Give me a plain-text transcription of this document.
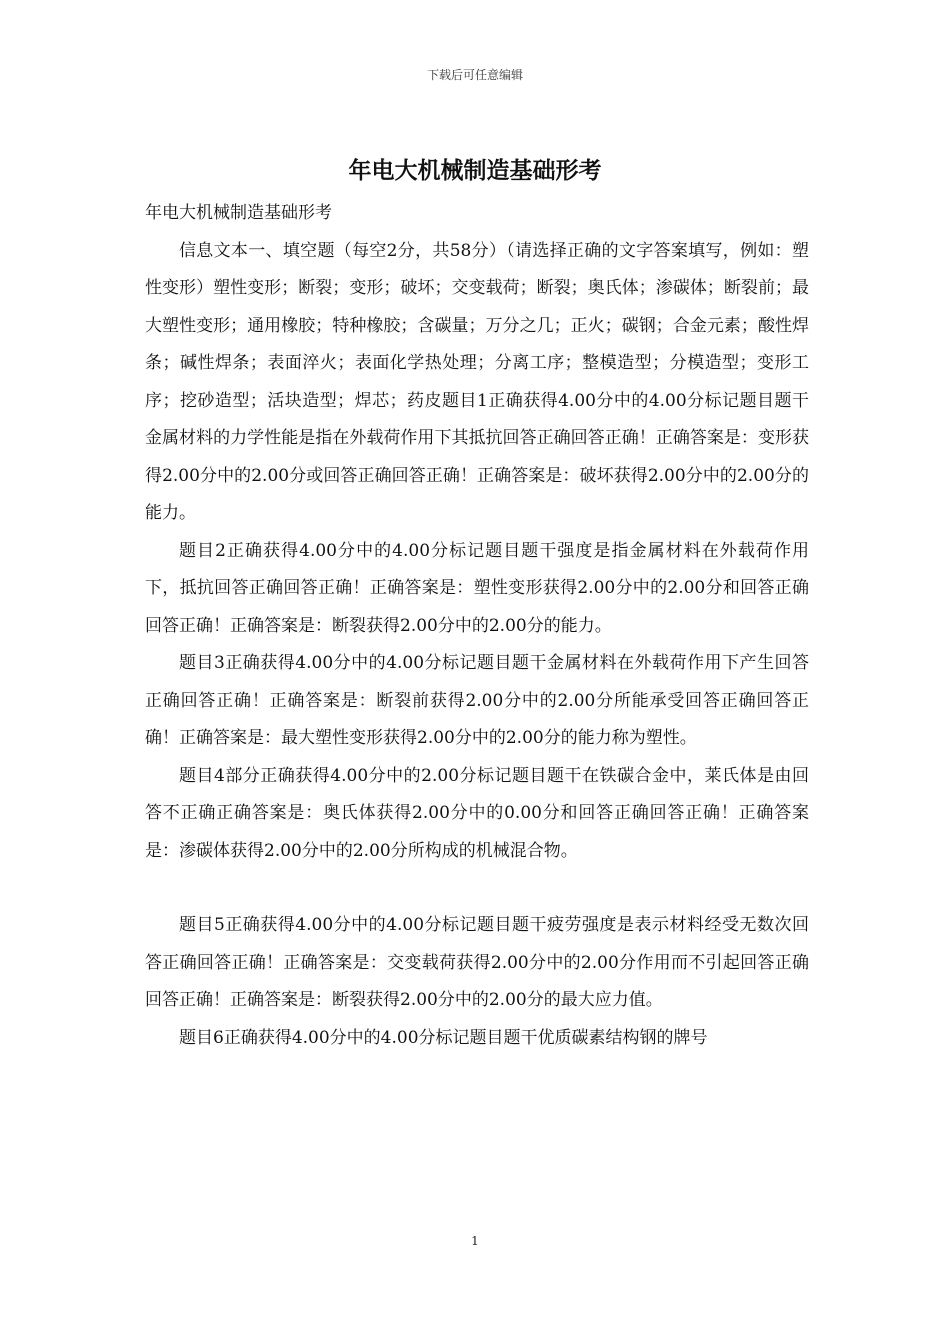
下载后可任意编辑
年电大机械制造基础形考

年电大机械制造基础形考

信息文本一、填空题（每空2分，共58分）（请选择正确的文字答案填写，例如：塑性变形）塑性变形；断裂；变形；破坏；交变载荷；断裂；奥氏体；渗碳体；断裂前；最大塑性变形；通用橡胶；特种橡胶；含碳量；万分之几；正火；碳钢；合金元素；酸性焊条；碱性焊条；表面淬火；表面化学热处理；分离工序；整模造型；分模造型；变形工序；挖砂造型；活块造型；焊芯；药皮题目1正确获得4.00分中的4.00分标记题目题干金属材料的力学性能是指在外载荷作用下其抵抗回答正确回答正确！正确答案是：变形获得2.00分中的2.00分或回答正确回答正确！正确答案是：破坏获得2.00分中的2.00分的能力。

题目2正确获得4.00分中的4.00分标记题目题干强度是指金属材料在外载荷作用下，抵抗回答正确回答正确！正确答案是：塑性变形获得2.00分中的2.00分和回答正确回答正确！正确答案是：断裂获得2.00分中的2.00分的能力。

题目3正确获得4.00分中的4.00分标记题目题干金属材料在外载荷作用下产生回答正确回答正确！正确答案是：断裂前获得2.00分中的2.00分所能承受回答正确回答正确！正确答案是：最大塑性变形获得2.00分中的2.00分的能力称为塑性。

题目4部分正确获得4.00分中的2.00分标记题目题干在铁碳合金中，莱氏体是由回答不正确正确答案是：奥氏体获得2.00分中的0.00分和回答正确回答正确！正确答案是：渗碳体获得2.00分中的2.00分所构成的机械混合物。

题目5正确获得4.00分中的4.00分标记题目题干疲劳强度是表示材料经受无数次回答正确回答正确！正确答案是：交变载荷获得2.00分中的2.00分作用而不引起回答正确回答正确！正确答案是：断裂获得2.00分中的2.00分的最大应力值。

题目6正确获得4.00分中的4.00分标记题目题干优质碳素结构钢的牌号

1
